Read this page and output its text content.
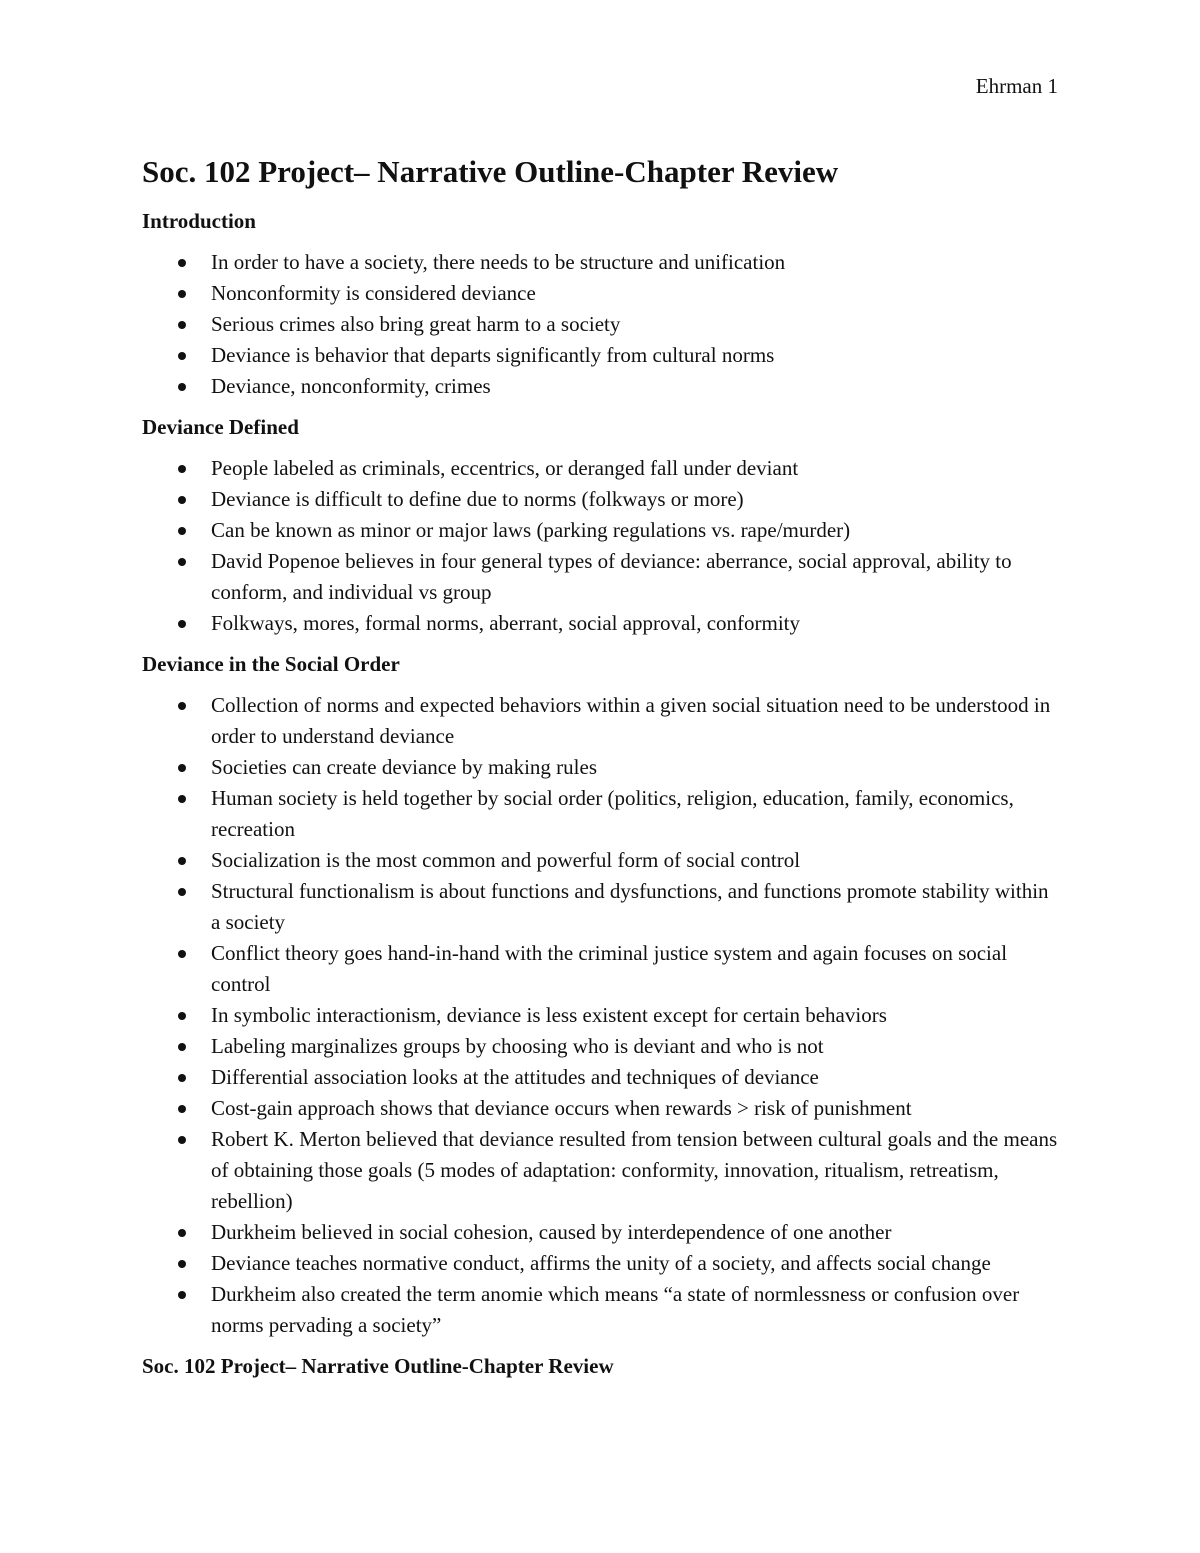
Ehrman 1
Soc. 102 Project– Narrative Outline-Chapter Review
Introduction
In order to have a society, there needs to be structure and unification
Nonconformity is considered deviance
Serious crimes also bring great harm to a society
Deviance is behavior that departs significantly from cultural norms
Deviance, nonconformity, crimes
Deviance Defined
People labeled as criminals, eccentrics, or deranged fall under deviant
Deviance is difficult to define due to norms (folkways or more)
Can be known as minor or major laws (parking regulations vs. rape/murder)
David Popenoe believes in four general types of deviance: aberrance, social approval, ability to conform, and individual vs group
Folkways, mores, formal norms, aberrant, social approval, conformity
Deviance in the Social Order
Collection of norms and expected behaviors within a given social situation need to be understood in order to understand deviance
Societies can create deviance by making rules
Human society is held together by social order (politics, religion, education, family, economics, recreation
Socialization is the most common and powerful form of social control
Structural functionalism is about functions and dysfunctions, and functions promote stability within a society
Conflict theory goes hand-in-hand with the criminal justice system and again focuses on social control
In symbolic interactionism, deviance is less existent except for certain behaviors
Labeling marginalizes groups by choosing who is deviant and who is not
Differential association looks at the attitudes and techniques of deviance
Cost-gain approach shows that deviance occurs when rewards > risk of punishment
Robert K. Merton believed that deviance resulted from tension between cultural goals and the means of obtaining those goals (5 modes of adaptation: conformity, innovation, ritualism, retreatism, rebellion)
Durkheim believed in social cohesion, caused by interdependence of one another
Deviance teaches normative conduct, affirms the unity of a society, and affects social change
Durkheim also created the term anomie which means “a state of normlessness or confusion over norms pervading a society”
Soc. 102 Project– Narrative Outline-Chapter Review
